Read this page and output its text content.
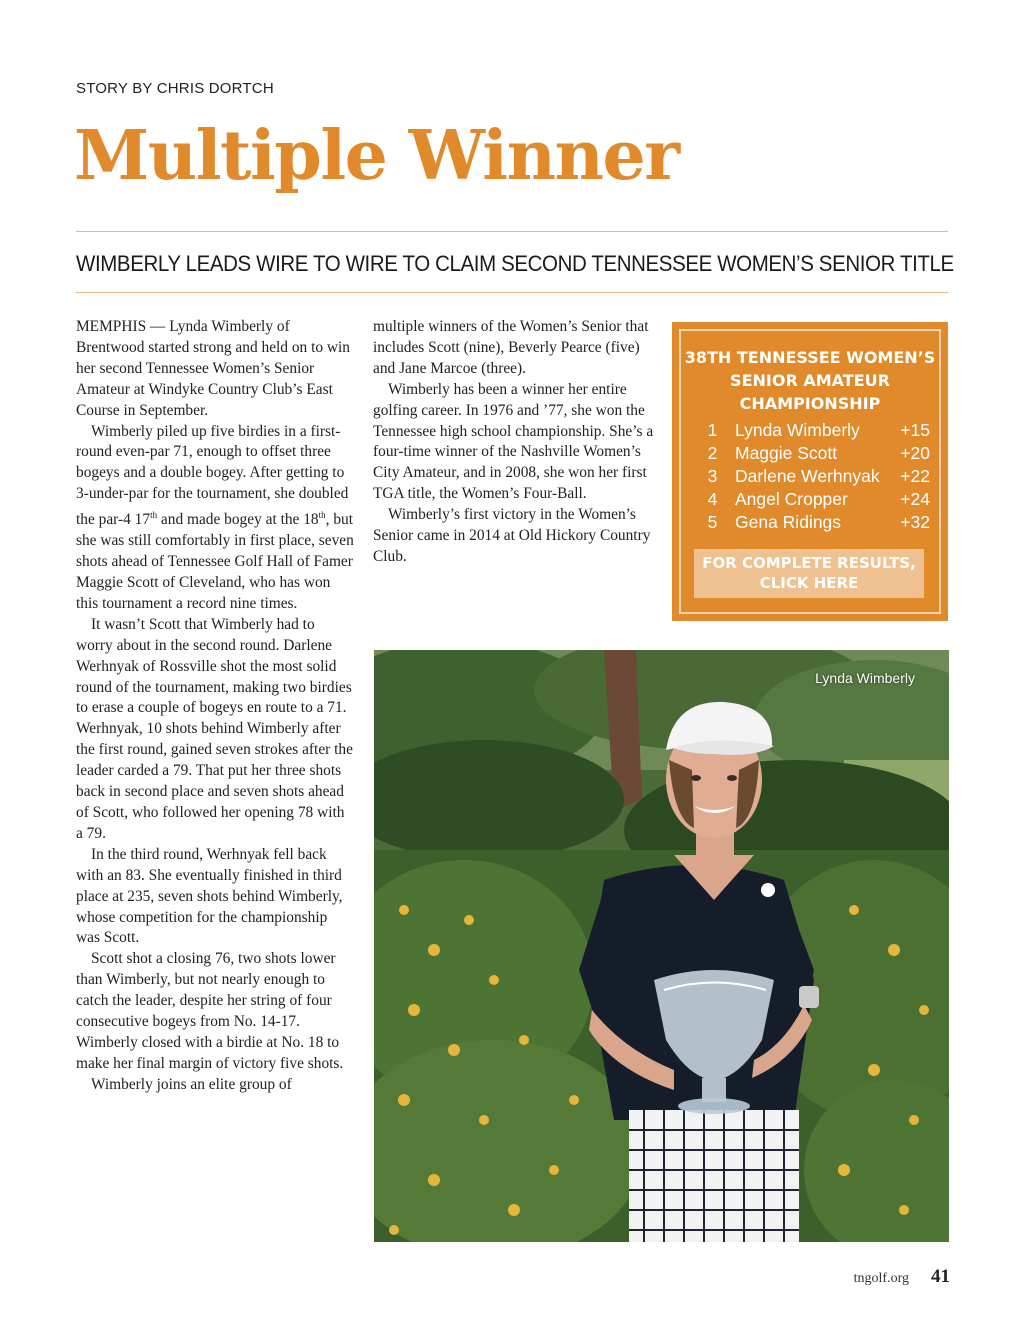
STORY BY CHRIS DORTCH
Multiple Winner
WIMBERLY LEADS WIRE TO WIRE TO CLAIM SECOND TENNESSEE WOMEN’S SENIOR TITLE

MEMPHIS — Lynda Wimberly of Brentwood started strong and held on to win her second Tennessee Women’s Senior Amateur at Windyke Country Club’s East Course in September.

Wimberly piled up five birdies in a first-round even-par 71, enough to offset three bogeys and a double bogey. After getting to 3-under-par for the tournament, she doubled the par-4 17th and made bogey at the 18th, but she was still comfortably in first place, seven shots ahead of Tennessee Golf Hall of Famer Maggie Scott of Cleveland, who has won this tournament a record nine times.

It wasn’t Scott that Wimberly had to worry about in the second round. Darlene Werhnyak of Rossville shot the most solid round of the tournament, making two birdies to erase a couple of bogeys en route to a 71. Werhnyak, 10 shots behind Wimberly after the first round, gained seven strokes after the leader carded a 79. That put her three shots back in second place and seven shots ahead of Scott, who followed her opening 78 with a 79.

In the third round, Werhnyak fell back with an 83. She eventually finished in third place at 235, seven shots behind Wimberly, whose competition for the championship was Scott.

Scott shot a closing 76, two shots lower than Wimberly, but not nearly enough to catch the leader, despite her string of four consecutive bogeys from No. 14-17. Wimberly closed with a birdie at No. 18 to make her final margin of victory five shots.

Wimberly joins an elite group of

multiple winners of the Women’s Senior that includes Scott (nine), Beverly Pearce (five) and Jane Marcoe (three).

Wimberly has been a winner her entire golfing career. In 1976 and ’77, she won the Tennessee high school championship. She’s a four-time winner of the Nashville Women’s City Amateur, and in 2008, she won her first TGA title, the Women’s Four-Ball.

Wimberly’s first victory in the Women’s Senior came in 2014 at Old Hickory Country Club.

38TH TENNESSEE WOMEN’S
SENIOR AMATEUR
CHAMPIONSHIP
1	Lynda Wimberly	+15
2	Maggie Scott	+20
3	Darlene Werhnyak	+22
4	Angel Cropper	+24
5	Gena Ridings	+32
FOR COMPLETE RESULTS,
CLICK HERE
Lynda Wimberly
tngolf.org 41
